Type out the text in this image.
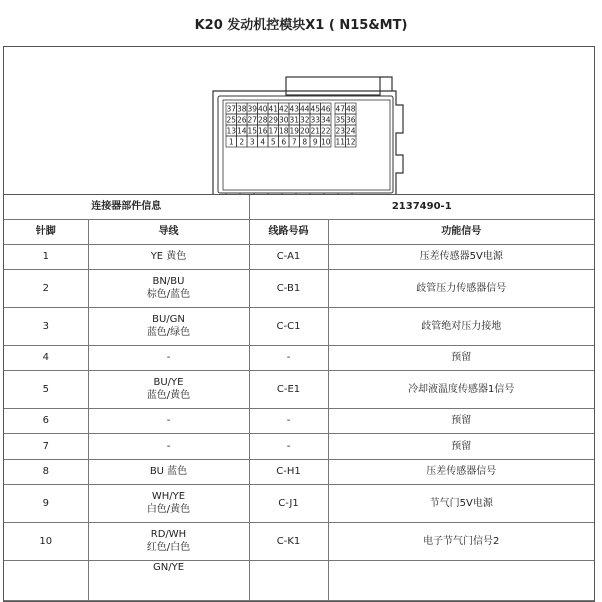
K20 发动机控模块X1 ( N15&MT)
37 38 39 40 41 42 43 44 45 46 47 48
25 26 27 28 29 30 31 32 33 34 35 36
13 14 15 16 17 18 19 20 21 22 23 24
1 2 3 4 5 6 7 8 9 10 11 12
连接器部件信息		2137490-1	
针脚	导线	线路号码	功能信号

1	YE 黄色	C-A1	压差传感器5V电源

2	BN/BU
棕色/蓝色	C-B1	歧管压力传感器信号

3	BU/GN
蓝色/绿色	C-C1	歧管绝对压力接地

4	-	-	预留

5	BU/YE
蓝色/黄色	C-E1	冷却液温度传感器1信号

6	-	-	预留

7	-	-	预留

8	BU 蓝色	C-H1	压差传感器信号

9	WH/YE
白色/黄色	C-J1	节气门5V电源

10	RD/WH
红色/白色	C-K1	电子节气门信号2

	GN/YE		
